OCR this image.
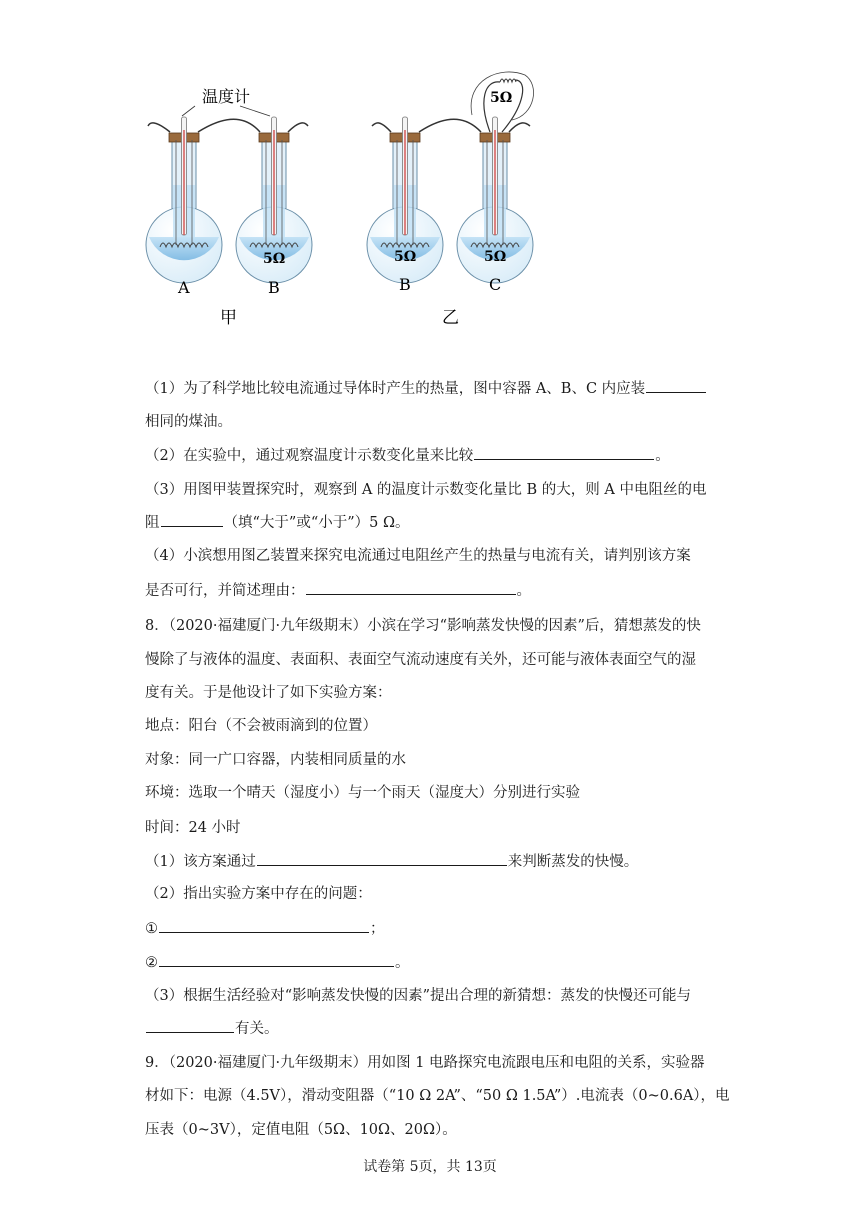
温度计	5Ω
5Ω	5Ω	5Ω
A	B	B	C
甲	乙
（1）为了科学地比较电流通过导体时产生的热量，图中容器 A、B、C 内应装
相同的煤油。
（2）在实验中，通过观察温度计示数变化量来比较	。
（3）用图甲装置探究时，观察到 A 的温度计示数变化量比 B 的大，则 A 中电阻丝的电
阻	（填“大于”或“小于”）5 Ω。
（4）小滨想用图乙装置来探究电流通过电阻丝产生的热量与电流有关，请判别该方案
是否可行，并简述理由：	。
8．（2020·福建厦门·九年级期末）小滨在学习“影响蒸发快慢的因素”后，猜想蒸发的快
慢除了与液体的温度、表面积、表面空气流动速度有关外，还可能与液体表面空气的湿
度有关。于是他设计了如下实验方案：
地点：阳台（不会被雨滴到的位置）
对象：同一广口容器，内装相同质量的水
环境：选取一个晴天（湿度小）与一个雨天（湿度大）分别进行实验
时间：24 小时
（1）该方案通过	来判断蒸发的快慢。
（2）指出实验方案中存在的问题：
①	；
②	。
（3）根据生活经验对“影响蒸发快慢的因素”提出合理的新猜想：蒸发的快慢还可能与
有关。
9．（2020·福建厦门·九年级期末）用如图 1 电路探究电流跟电压和电阻的关系，实验器
材如下：电源（4.5V），滑动变阻器（“10 Ω 2A”、“50 Ω 1.5A”）.电流表（0~0.6A），电
压表（0~3V），定值电阻（5Ω、10Ω、20Ω）。
试卷第 5页，共 13页
